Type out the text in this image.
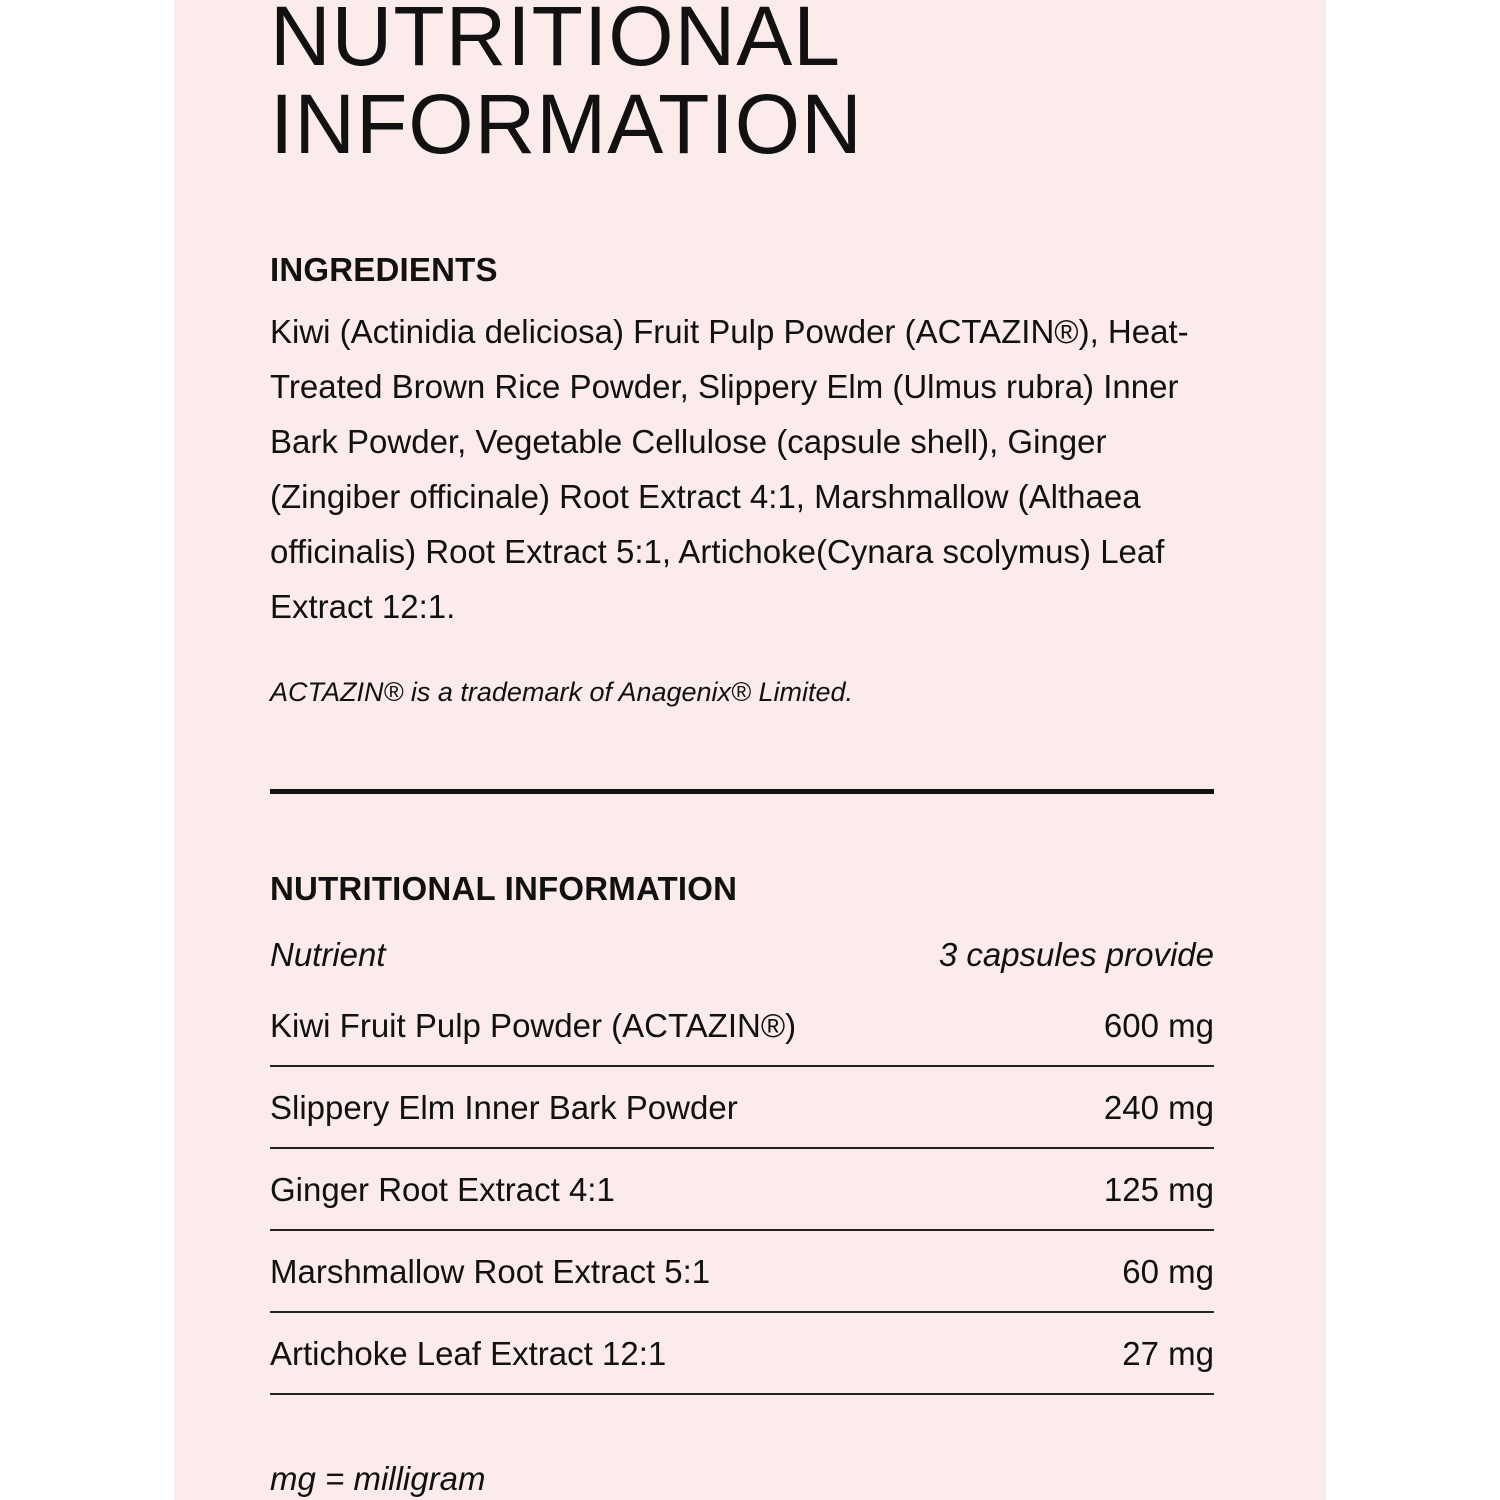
NUTRITIONAL
INFORMATION
INGREDIENTS

Kiwi (Actinidia deliciosa) Fruit Pulp Powder (ACTAZIN®), Heat-Treated Brown Rice Powder, Slippery Elm (Ulmus rubra) Inner Bark Powder, Vegetable Cellulose (capsule shell), Ginger (Zingiber officinale) Root Extract 4:1, Marshmallow (Althaea officinalis) Root Extract 5:1, Artichoke(Cynara scolymus) Leaf Extract 12:1.

ACTAZIN® is a trademark of Anagenix® Limited.

NUTRITIONAL INFORMATION
Nutrient	3 capsules provide
Kiwi Fruit Pulp Powder (ACTAZIN®)	600 mg
Slippery Elm Inner Bark Powder	240 mg
Ginger Root Extract 4:1	125 mg
Marshmallow Root Extract 5:1	60 mg
Artichoke Leaf Extract 12:1	27 mg

mg = milligram
